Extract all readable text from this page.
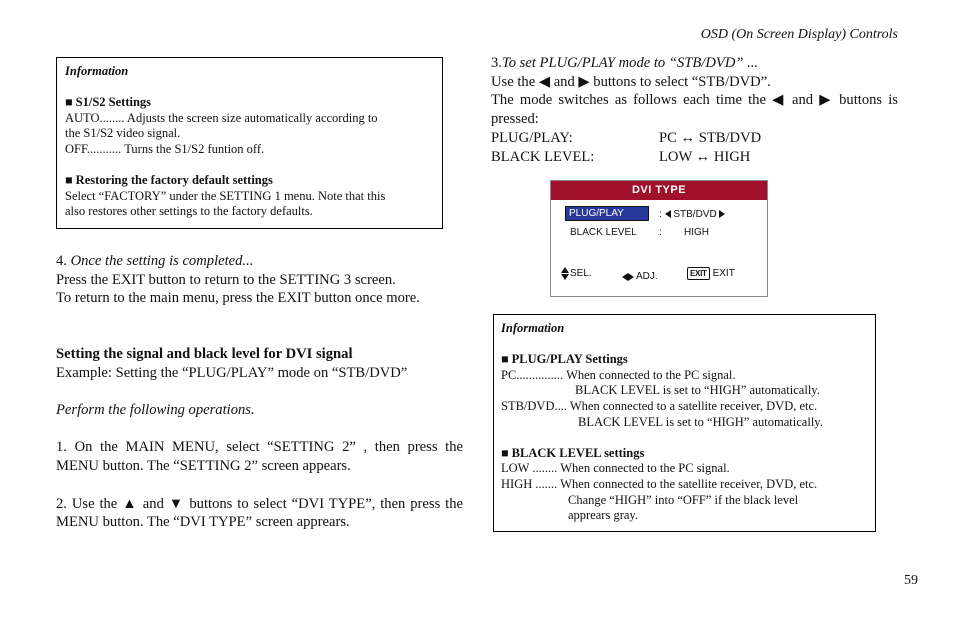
OSD (On Screen Display) Controls

Information

■ S1/S2 Settings

AUTO........ Adjusts the screen size automatically according to

the S1/S2 video signal.

OFF........... Turns the S1/S2 funtion off.

■ Restoring the factory default settings

Select “FACTORY” under the SETTING 1 menu. Note that this

also restores other settings to the factory defaults.

4. Once the setting is completed...

Press the EXIT button to return to the SETTING 3 screen.

To return to the main menu, press the EXIT button once more.

Setting the signal and black level for DVI signal

Example: Setting the “PLUG/PLAY” mode on “STB/DVD”

Perform the following operations.

1. On the MAIN MENU, select “SETTING 2” , then press the

MENU button. The “SETTING 2” screen appears.

2. Use the ▲ and ▼ buttons to select “DVI TYPE”, then press the

MENU button. The “DVI TYPE” screen apprears.

3.To set PLUG/PLAY mode to “STB/DVD” ...

Use the ◀ and ▶ buttons to select “STB/DVD”.

The mode switches as follows each time the ◀ and ▶ buttons is

pressed:

PLUG/PLAY:	PC ↔ STB/DVD
BLACK LEVEL:	LOW ↔ HIGH
DVI TYPE
PLUG/PLAY	: STB/DVD
BLACK LEVEL : HIGH
SEL.	ADJ.	EXIT EXIT

Information

■ PLUG/PLAY Settings

PC............... When connected to the PC signal.

BLACK LEVEL is set to “HIGH” automatically.

STB/DVD.... When connected to a satellite receiver, DVD, etc.

BLACK LEVEL is set to “HIGH” automatically.

■ BLACK LEVEL settings

LOW ........ When connected to the PC signal.

HIGH ....... When connected to the satellite receiver, DVD, etc.

Change “HIGH” into “OFF” if the black level

apprears gray.

59
